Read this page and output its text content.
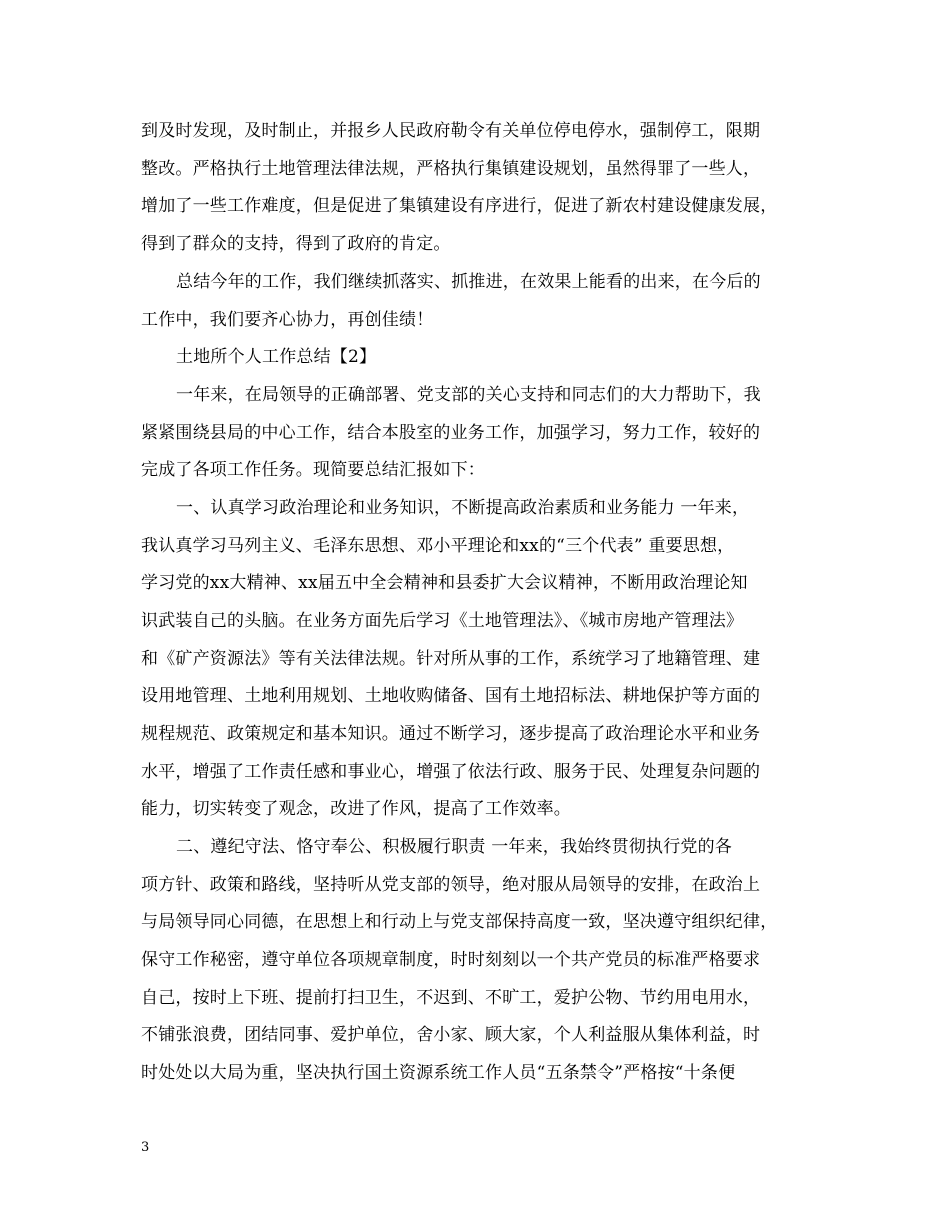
到及时发现，及时制止，并报乡人民政府勒令有关单位停电停水，强制停工，限期
整改。严格执行土地管理法律法规，严格执行集镇建设规划，虽然得罪了一些人，
增加了一些工作难度，但是促进了集镇建设有序进行，促进了新农村建设健康发展，
得到了群众的支持，得到了政府的肯定。
总结今年的工作，我们继续抓落实、抓推进，在效果上能看的出来，在今后的
工作中，我们要齐心协力，再创佳绩！
土地所个人工作总结【2】
一年来，在局领导的正确部署、党支部的关心支持和同志们的大力帮助下，我
紧紧围绕县局的中心工作，结合本股室的业务工作，加强学习，努力工作，较好的
完成了各项工作任务。现简要总结汇报如下：
一、认真学习政治理论和业务知识，不断提高政治素质和业务能力 一年来，
我认真学习马列主义、毛泽东思想、邓小平理论和xx的“三个代表” 重要思想，
学习党的xx大精神、xx届五中全会精神和县委扩大会议精神，不断用政治理论知
识武装自己的头脑。在业务方面先后学习《土地管理法》、《城市房地产管理法》
和《矿产资源法》等有关法律法规。针对所从事的工作，系统学习了地籍管理、建
设用地管理、土地利用规划、土地收购储备、国有土地招标法、耕地保护等方面的
规程规范、政策规定和基本知识。通过不断学习，逐步提高了政治理论水平和业务
水平，增强了工作责任感和事业心，增强了依法行政、服务于民、处理复杂问题的
能力，切实转变了观念，改进了作风，提高了工作效率。
二、遵纪守法、恪守奉公、积极履行职责 一年来，我始终贯彻执行党的各
项方针、政策和路线，坚持听从党支部的领导，绝对服从局领导的安排，在政治上
与局领导同心同德，在思想上和行动上与党支部保持高度一致，坚决遵守组织纪律，
保守工作秘密，遵守单位各项规章制度，时时刻刻以一个共产党员的标准严格要求
自己，按时上下班、提前打扫卫生，不迟到、不旷工，爱护公物、节约用电用水，
不铺张浪费，团结同事、爱护单位，舍小家、顾大家，个人利益服从集体利益，时
时处处以大局为重，坚决执行国土资源系统工作人员“五条禁令”严格按“十条便
3
